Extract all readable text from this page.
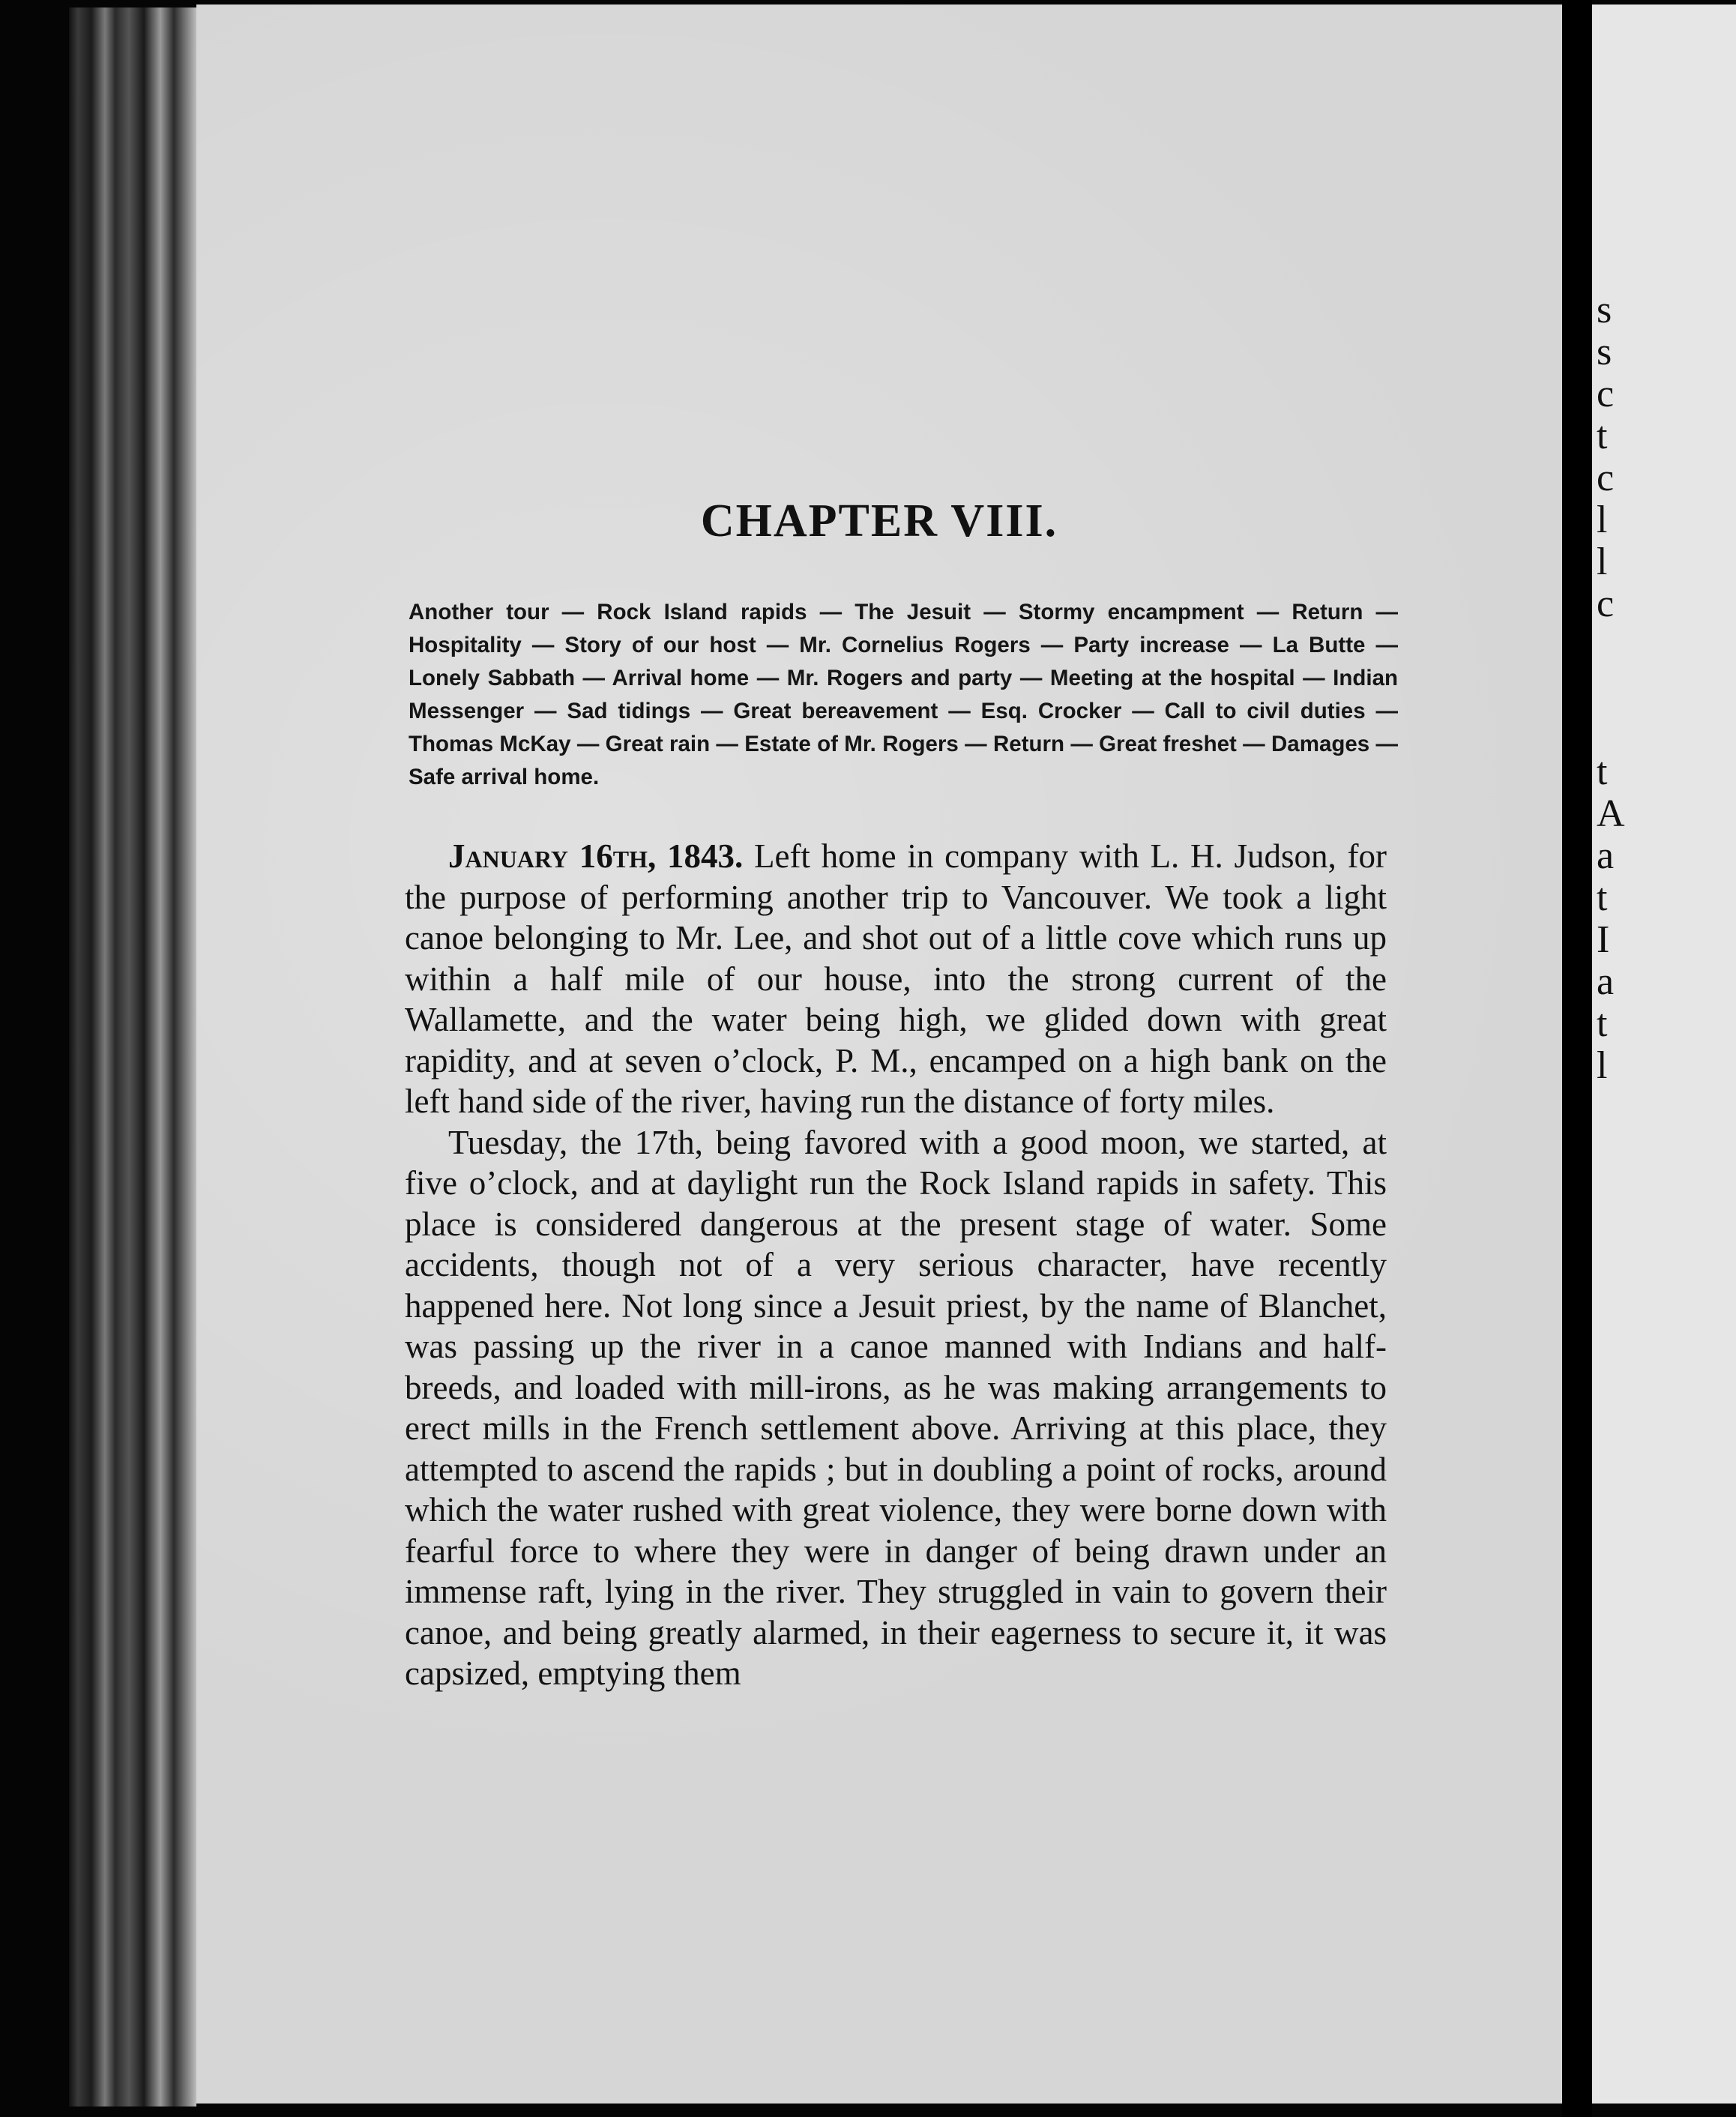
s
s
c
t
c
l
l
c

t
A
a
t
I
a
t
l
CHAPTER VIII.
Another tour — Rock Island rapids — The Jesuit — Stormy encampment — Return — Hospitality — Story of our host — Mr. Cornelius Rogers — Party increase — La Butte — Lonely Sabbath — Arrival home — Mr. Rogers and party — Meeting at the hospital — Indian Messenger — Sad tidings — Great bereavement — Esq. Crocker — Call to civil duties — Thomas McKay — Great rain — Estate of Mr. Rogers — Return — Great freshet — Damages — Safe arrival home.

January 16th, 1843. Left home in company with L. H. Judson, for the purpose of performing another trip to Vancouver. We took a light canoe belonging to Mr. Lee, and shot out of a little cove which runs up within a half mile of our house, into the strong current of the Wallamette, and the water being high, we glided down with great rapidity, and at seven o’clock, P. M., encamped on a high bank on the left hand side of the river, having run the distance of forty miles.

Tuesday, the 17th, being favored with a good moon, we started, at five o’clock, and at daylight run the Rock Island rapids in safety. This place is considered dangerous at the present stage of water. Some accidents, though not of a very serious character, have recently happened here. Not long since a Jesuit priest, by the name of Blanchet, was passing up the river in a canoe manned with Indians and half-breeds, and loaded with mill-irons, as he was making arrangements to erect mills in the French settlement above. Arriving at this place, they attempted to ascend the rapids ; but in doubling a point of rocks, around which the water rushed with great violence, they were borne down with fearful force to where they were in danger of being drawn under an immense raft, lying in the river. They struggled in vain to govern their canoe, and being greatly alarmed, in their eagerness to secure it, it was capsized, emptying them
